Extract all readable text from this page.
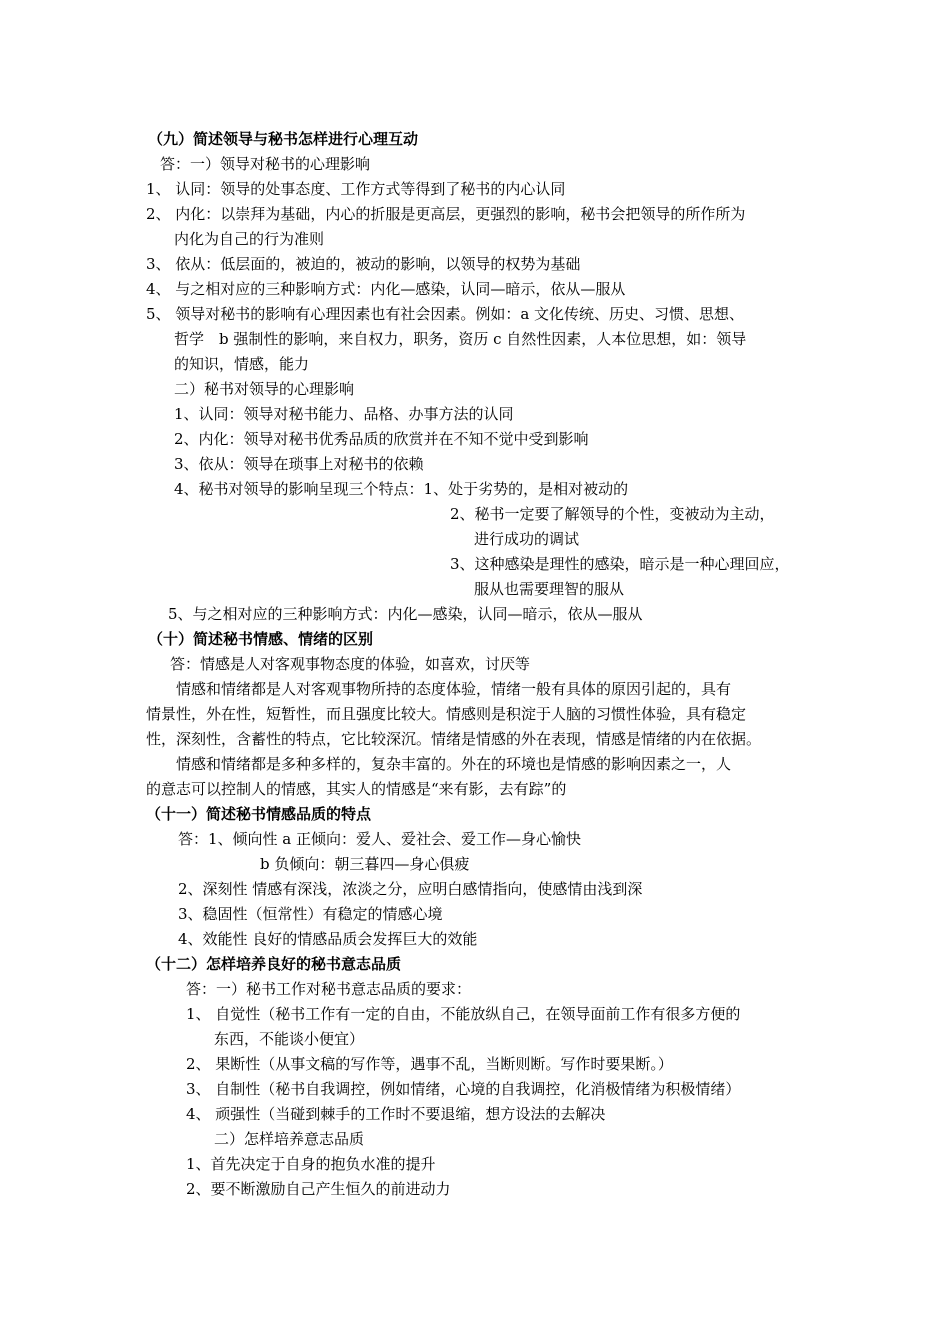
（九）简述领导与秘书怎样进行心理互动
答：一）领导对秘书的心理影响
1、 认同：领导的处事态度、工作方式等得到了秘书的内心认同
2、 内化：以崇拜为基础，内心的折服是更高层，更强烈的影响，秘书会把领导的所作所为
内化为自己的行为准则
3、 依从：低层面的，被迫的，被动的影响，以领导的权势为基础
4、 与之相对应的三种影响方式：内化—感染，认同—暗示，依从—服从
5、 领导对秘书的影响有心理因素也有社会因素。例如：a 文化传统、历史、习惯、思想、
哲学　b 强制性的影响，来自权力，职务，资历 c 自然性因素，人本位思想，如：领导
的知识，情感，能力
二）秘书对领导的心理影响
1、认同：领导对秘书能力、品格、办事方法的认同
2、内化：领导对秘书优秀品质的欣赏并在不知不觉中受到影响
3、依从：领导在琐事上对秘书的依赖
4、秘书对领导的影响呈现三个特点：1、处于劣势的，是相对被动的
2、秘书一定要了解领导的个性，变被动为主动，
进行成功的调试
3、这种感染是理性的感染，暗示是一种心理回应，
服从也需要理智的服从
5、与之相对应的三种影响方式：内化—感染，认同—暗示，依从—服从
（十）简述秘书情感、情绪的区别
答：情感是人对客观事物态度的体验，如喜欢，讨厌等
情感和情绪都是人对客观事物所持的态度体验，情绪一般有具体的原因引起的，具有
情景性，外在性，短暂性，而且强度比较大。情感则是积淀于人脑的习惯性体验，具有稳定
性，深刻性，含蓄性的特点，它比较深沉。情绪是情感的外在表现，情感是情绪的内在依据。
情感和情绪都是多种多样的，复杂丰富的。外在的环境也是情感的影响因素之一，人
的意志可以控制人的情感，其实人的情感是“来有影，去有踪”的
（十一）简述秘书情感品质的特点
答：1、倾向性 a 正倾向：爱人、爱社会、爱工作—身心愉快
b 负倾向：朝三暮四—身心俱疲
2、深刻性 情感有深浅，浓淡之分，应明白感情指向，使感情由浅到深
3、稳固性（恒常性）有稳定的情感心境
4、效能性 良好的情感品质会发挥巨大的效能
（十二）怎样培养良好的秘书意志品质
答：一）秘书工作对秘书意志品质的要求：
1、 自觉性（秘书工作有一定的自由，不能放纵自己，在领导面前工作有很多方便的
东西，不能谈小便宜）
2、 果断性（从事文稿的写作等，遇事不乱，当断则断。写作时要果断。）
3、 自制性（秘书自我调控，例如情绪，心境的自我调控，化消极情绪为积极情绪）
4、 顽强性（当碰到棘手的工作时不要退缩，想方设法的去解决
二）怎样培养意志品质
1、首先决定于自身的抱负水准的提升
2、要不断激励自己产生恒久的前进动力
